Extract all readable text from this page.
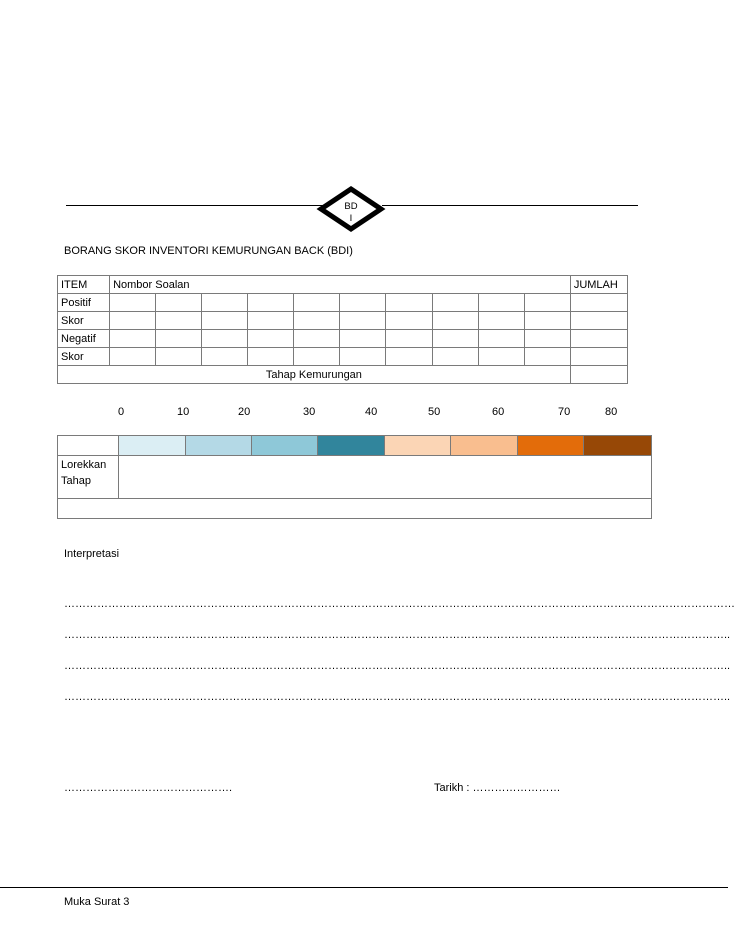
BD
I
BORANG SKOR INVENTORI KEMURUNGAN BACK (BDI)
ITEM	Nombor Soalan										JUMLAH
Positif											
Skor											
Negatif											
Skor											
Tahap Kemurungan											
0	10	20	30	40	50	60	70	80

Lorekkan
Tahap								

Interpretasi
…………………………………………………………………………………………………………………………………………………………………
………………………………………………………………………………………………………………………………………………………………..
………………………………………………………………………………………………………………………………………………………………..
………………………………………………………………………………………………………………………………………………………………..
……………………………………….	Tarikh : ……………………
Muka Surat 3
